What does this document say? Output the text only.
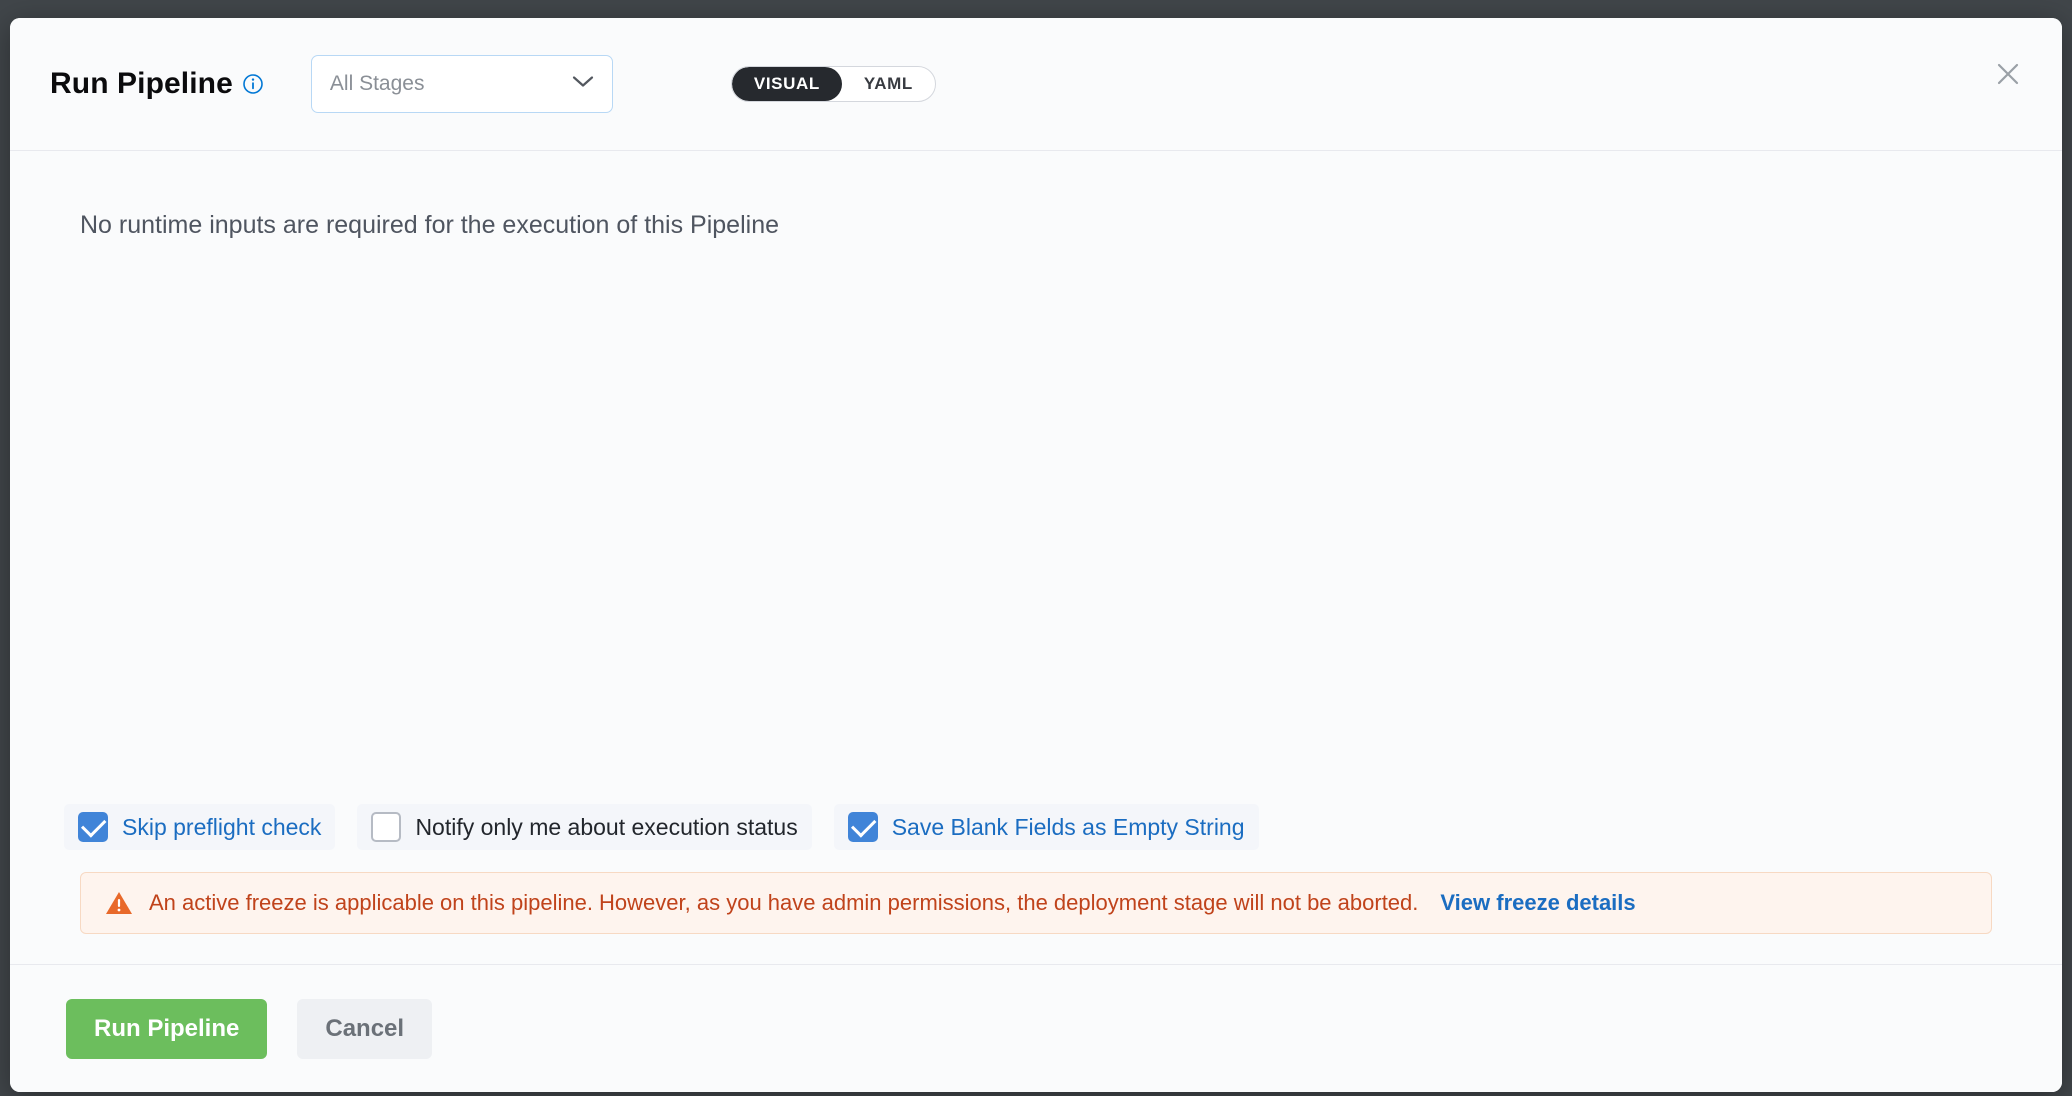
Run Pipeline	All Stages	VISUAL	YAML
No runtime inputs are required for the execution of this Pipeline
Skip preflight check	Notify only me about execution status	Save Blank Fields as Empty String
An active freeze is applicable on this pipeline. However, as you have admin permissions, the deployment stage will not be aborted. View freeze details
Run Pipeline	Cancel
